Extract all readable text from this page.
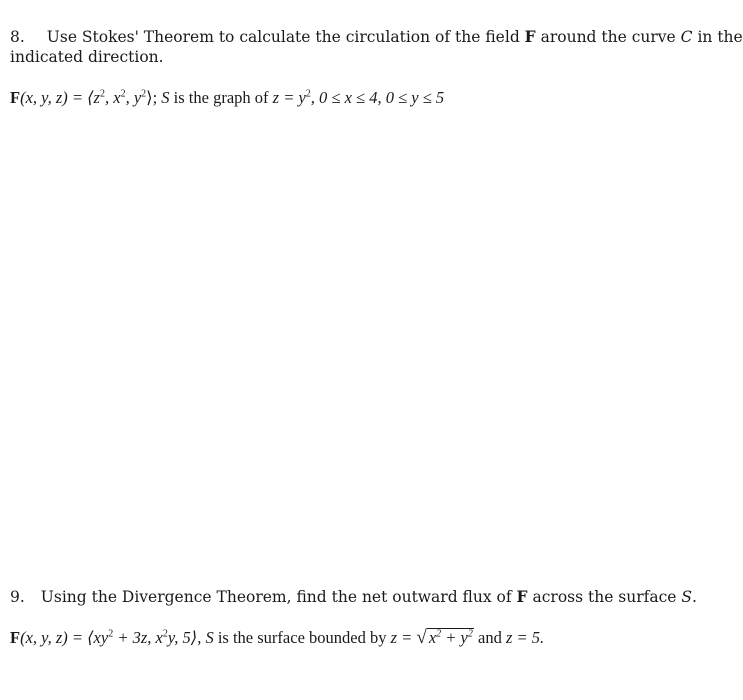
8. Use Stokes' Theorem to calculate the circulation of the field F around the curve C in the
indicated direction.
F(x, y, $z) = ⟨z^2$, $x^2$, $y^2⟩$; S is the graph of $z = y^2$, 0 ≤ x ≤ 4, 0 ≤ y ≤ 5
9. Using the Divergence Theorem, find the net outward flux of F across the surface S.
F(x, y, $z) = ⟨xy^2 + 3z$, $x^2y$, 5⟩, S is the surface bounded by z = √ $x^2 + y^2$ and z = 5.
